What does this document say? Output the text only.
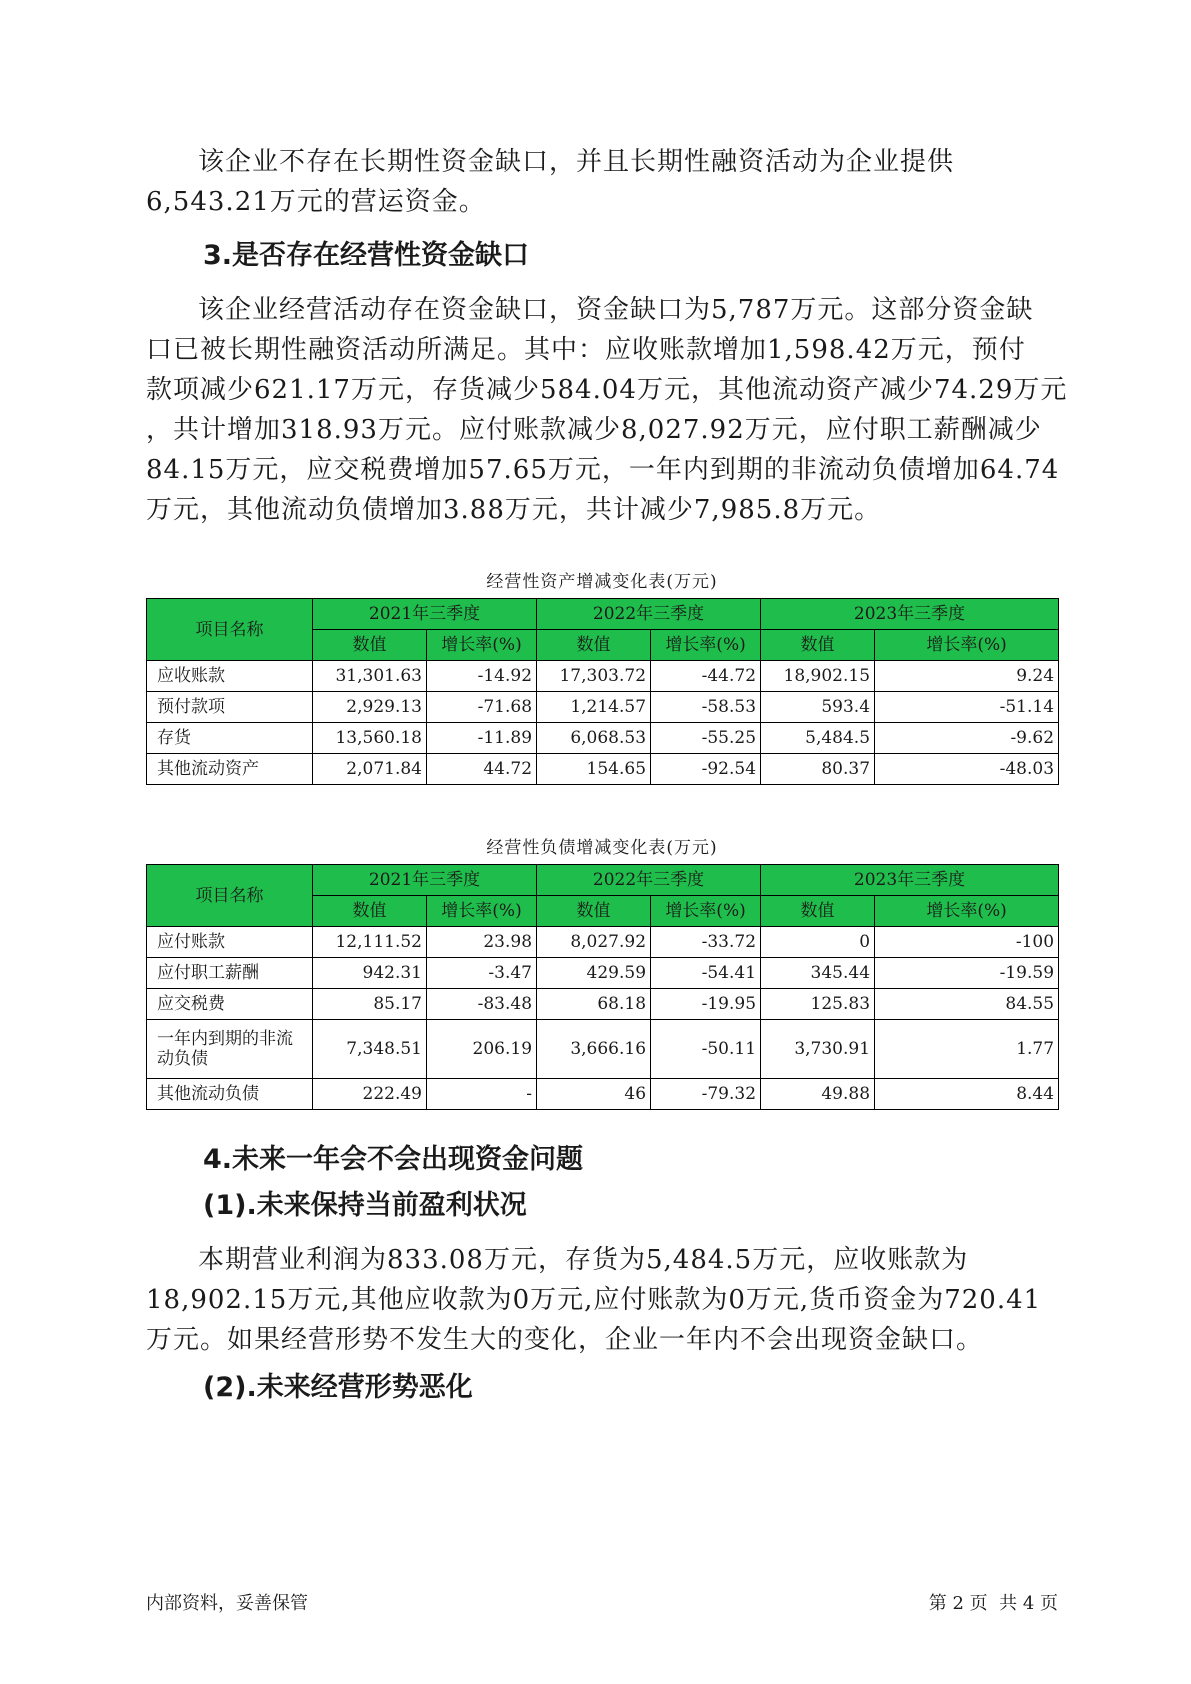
该企业不存在长期性资金缺口，并且长期性融资活动为企业提供
6,543.21万元的营运资金。
3.是否存在经营性资金缺口
该企业经营活动存在资金缺口，资金缺口为5,787万元。这部分资金缺
口已被长期性融资活动所满足。其中：应收账款增加1,598.42万元，预付
款项减少621.17万元，存货减少584.04万元，其他流动资产减少74.29万元
，共计增加318.93万元。应付账款减少8,027.92万元，应付职工薪酬减少
84.15万元，应交税费增加57.65万元，一年内到期的非流动负债增加64.74
万元，其他流动负债增加3.88万元，共计减少7,985.8万元。
经营性资产增减变化表(万元)
项目名称	2021年三季度		2022年三季度		2023年三季度	
	数值	增长率(%)	数值	增长率(%)	数值	增长率(%)
应收账款	31,301.63	-14.92	17,303.72	-44.72	18,902.15	9.24
预付款项	2,929.13	-71.68	1,214.57	-58.53	593.4	-51.14
存货	13,560.18	-11.89	6,068.53	-55.25	5,484.5	-9.62
其他流动资产	2,071.84	44.72	154.65	-92.54	80.37	-48.03
经营性负债增减变化表(万元)
项目名称	2021年三季度		2022年三季度		2023年三季度	
	数值	增长率(%)	数值	增长率(%)	数值	增长率(%)
应付账款	12,111.52	23.98	8,027.92	-33.72	0	-100
应付职工薪酬	942.31	-3.47	429.59	-54.41	345.44	-19.59
应交税费	85.17	-83.48	68.18	-19.95	125.83	84.55

一年内到期的非流
动负债	7,348.51	206.19	3,666.16	-50.11	3,730.91	1.77
其他流动负债	222.49	-	46	-79.32	49.88	8.44
4.未来一年会不会出现资金问题
(1).未来保持当前盈利状况
本期营业利润为833.08万元，存货为5,484.5万元，应收账款为
18,902.15万元,其他应收款为0万元,应付账款为0万元,货币资金为720.41
万元。如果经营形势不发生大的变化，企业一年内不会出现资金缺口。
(2).未来经营形势恶化
内部资料，妥善保管	第 2 页  共 4 页
